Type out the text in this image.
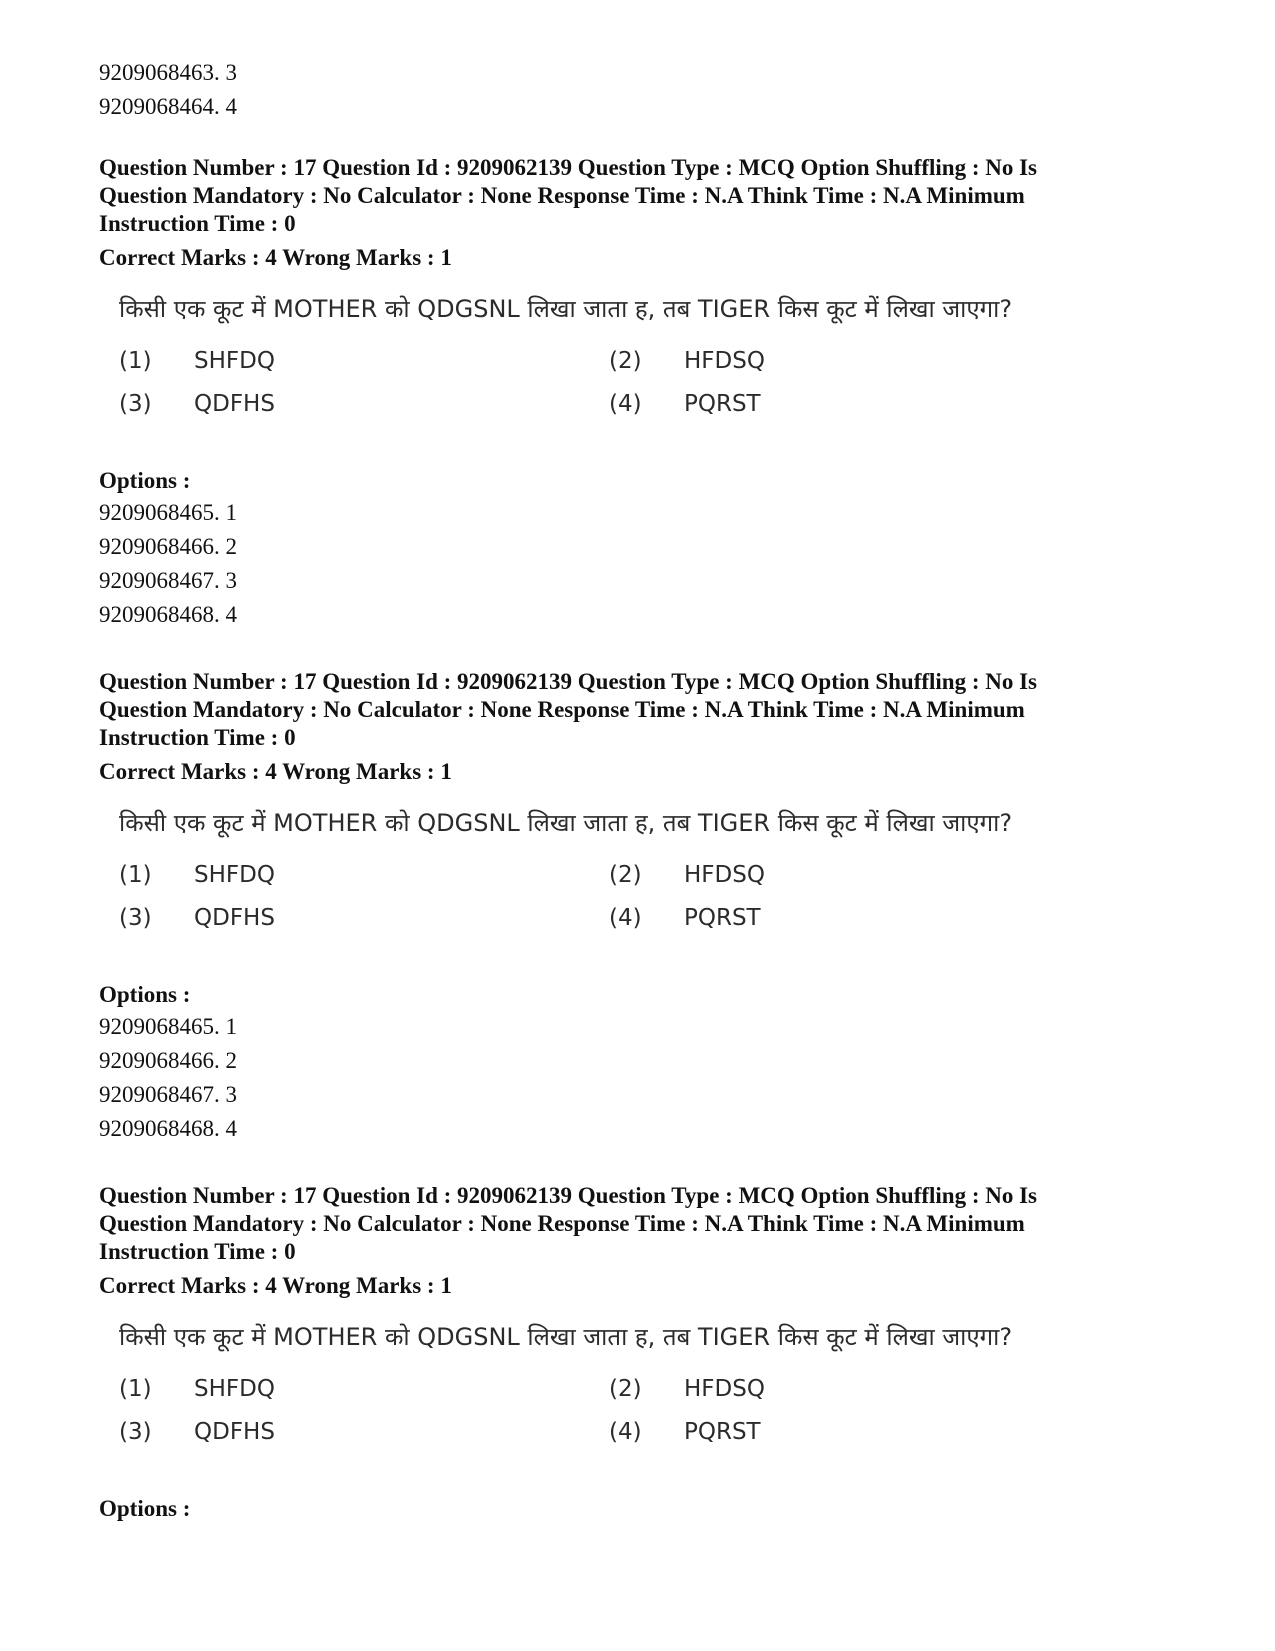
9209068463. 3
9209068464. 4
Question Number : 17 Question Id : 9209062139 Question Type : MCQ Option Shuffling : No Is Question Mandatory : No Calculator : None Response Time : N.A Think Time : N.A Minimum Instruction Time : 0
Correct Marks : 4 Wrong Marks : 1
किसी एक कूट में MOTHER को QDGSNL लिखा जाता ह, तब TIGER किस कूट में लिखा जाएगा?
(1) SHFDQ	(2) HFDSQ
(3) QDFHS	(4) PQRST
Options :
9209068465. 1
9209068466. 2
9209068467. 3
9209068468. 4
Question Number : 17 Question Id : 9209062139 Question Type : MCQ Option Shuffling : No Is Question Mandatory : No Calculator : None Response Time : N.A Think Time : N.A Minimum Instruction Time : 0
Correct Marks : 4 Wrong Marks : 1
किसी एक कूट में MOTHER को QDGSNL लिखा जाता ह, तब TIGER किस कूट में लिखा जाएगा?
(1) SHFDQ	(2) HFDSQ
(3) QDFHS	(4) PQRST
Options :
9209068465. 1
9209068466. 2
9209068467. 3
9209068468. 4
Question Number : 17 Question Id : 9209062139 Question Type : MCQ Option Shuffling : No Is Question Mandatory : No Calculator : None Response Time : N.A Think Time : N.A Minimum Instruction Time : 0
Correct Marks : 4 Wrong Marks : 1
किसी एक कूट में MOTHER को QDGSNL लिखा जाता ह, तब TIGER किस कूट में लिखा जाएगा?
(1) SHFDQ	(2) HFDSQ
(3) QDFHS	(4) PQRST
Options :
